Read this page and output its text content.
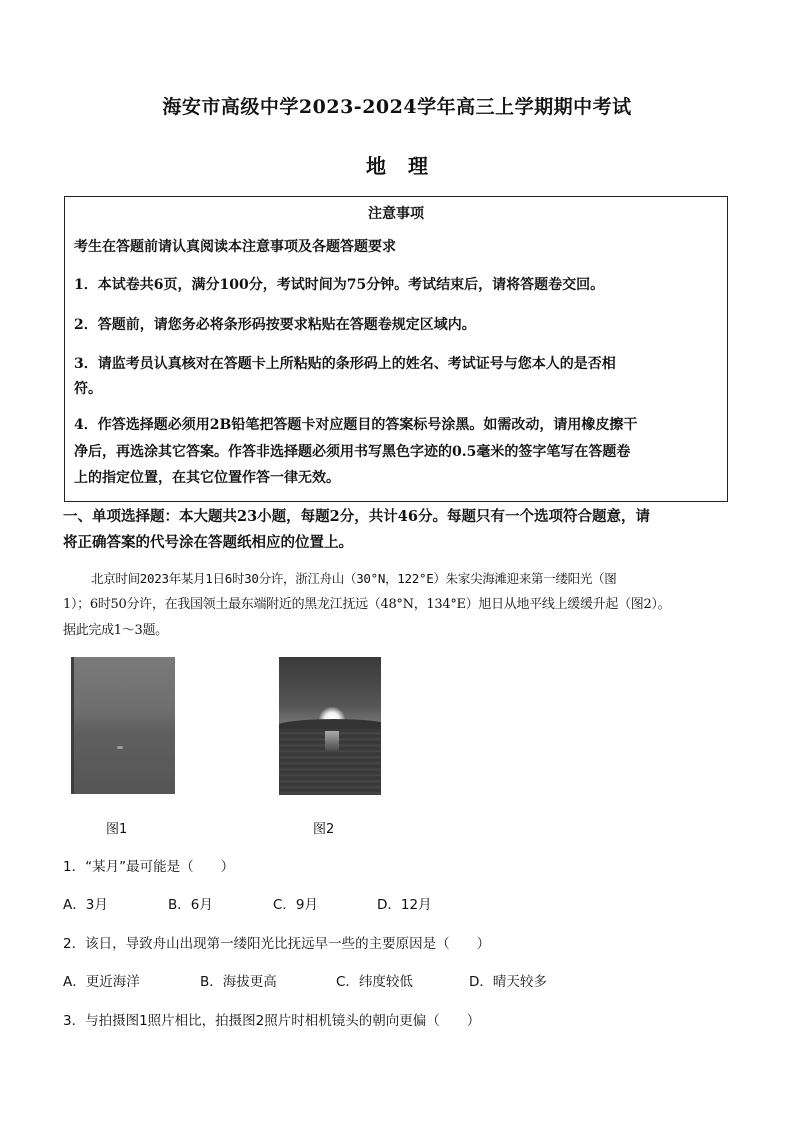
海安市高级中学2023-2024学年高三上学期期中考试
地理
注意事项
考生在答题前请认真阅读本注意事项及各题答题要求
1．本试卷共6页，满分100分，考试时间为75分钟。考试结束后，请将答题卷交回。
2．答题前，请您务必将条形码按要求粘贴在答题卷规定区域内。
3．请监考员认真核对在答题卡上所粘贴的条形码上的姓名、考试证号与您本人的是否相
符。
4．作答选择题必须用2B铅笔把答题卡对应题目的答案标号涂黑。如需改动，请用橡皮擦干
净后，再选涂其它答案。作答非选择题必须用书写黑色字迹的0.5毫米的签字笔写在答题卷
上的指定位置，在其它位置作答一律无效。
一、单项选择题：本大题共23小题，每题2分，共计46分。每题只有一个选项符合题意，请
将正确答案的代号涂在答题纸相应的位置上。
北京时间2023年某月1日6时30分许，浙江舟山（30°N，122°E）朱家尖海滩迎来第一缕阳光（图
1）；6时50分许，在我国领土最东端附近的黑龙江抚远（48°N，134°E）旭日从地平线上缓缓升起（图2）。
据此完成1～3题。
图1	图2
1．“某月”最可能是（　　）
A．3月	B．6月	C．9月	D．12月
2．该日，导致舟山出现第一缕阳光比抚远早一些的主要原因是（　　）
A．更近海洋	B．海拔更高	C．纬度较低	D．晴天较多
3．与拍摄图1照片相比，拍摄图2照片时相机镜头的朝向更偏（　　）
